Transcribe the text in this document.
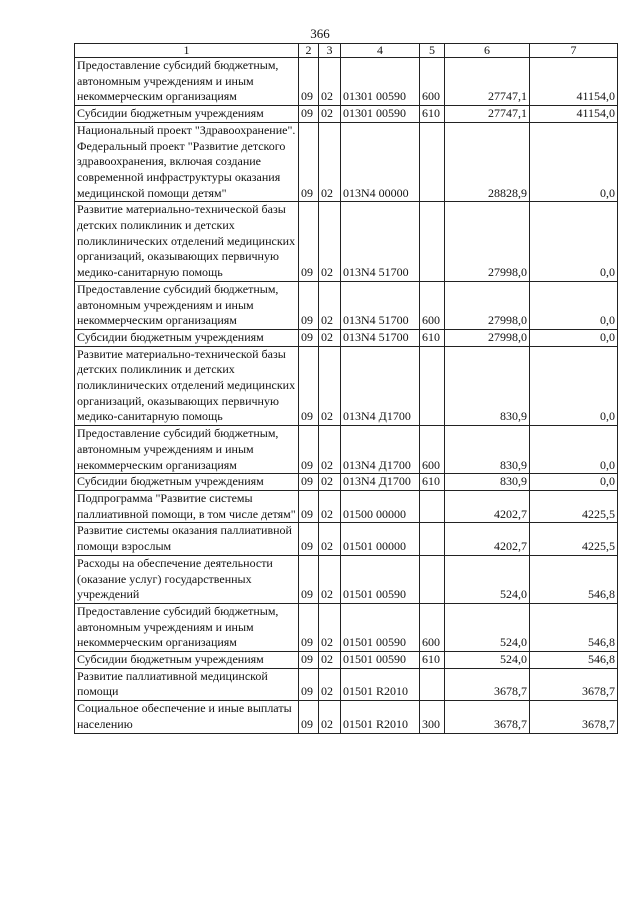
366
1	2	3	4	5	6	7
Предоставление субсидий бюджетным, автономным учреждениям и иным некоммерческим организациям	09	02	01301 00590	600	27747,1	41154,0
Субсидии бюджетным учреждениям	09	02	01301 00590	610	27747,1	41154,0
Национальный проект "Здравоохранение". Федеральный проект "Развитие детского здравоохранения, включая создание современной инфраструктуры оказания медицинской помощи детям"	09	02	013N4 00000		28828,9	0,0
Развитие материально-технической базы детских поликлиник и детских поликлинических отделений медицинских организаций, оказывающих первичную медико-санитарную помощь	09	02	013N4 51700		27998,0	0,0
Предоставление субсидий бюджетным, автономным учреждениям и иным некоммерческим организациям	09	02	013N4 51700	600	27998,0	0,0
Субсидии бюджетным учреждениям	09	02	013N4 51700	610	27998,0	0,0
Развитие материально-технической базы детских поликлиник и детских поликлинических отделений медицинских организаций, оказывающих первичную медико-санитарную помощь	09	02	013N4 Д1700		830,9	0,0
Предоставление субсидий бюджетным, автономным учреждениям и иным некоммерческим организациям	09	02	013N4 Д1700	600	830,9	0,0
Субсидии бюджетным учреждениям	09	02	013N4 Д1700	610	830,9	0,0
Подпрограмма "Развитие системы паллиативной помощи, в том числе детям"	09	02	01500 00000		4202,7	4225,5
Развитие системы оказания паллиативной помощи взрослым	09	02	01501 00000		4202,7	4225,5
Расходы на обеспечение деятельности (оказание услуг) государственных учреждений	09	02	01501 00590		524,0	546,8
Предоставление субсидий бюджетным, автономным учреждениям и иным некоммерческим организациям	09	02	01501 00590	600	524,0	546,8
Субсидии бюджетным учреждениям	09	02	01501 00590	610	524,0	546,8
Развитие паллиативной медицинской помощи	09	02	01501 R2010		3678,7	3678,7
Социальное обеспечение и иные выплаты населению	09	02	01501 R2010	300	3678,7	3678,7
